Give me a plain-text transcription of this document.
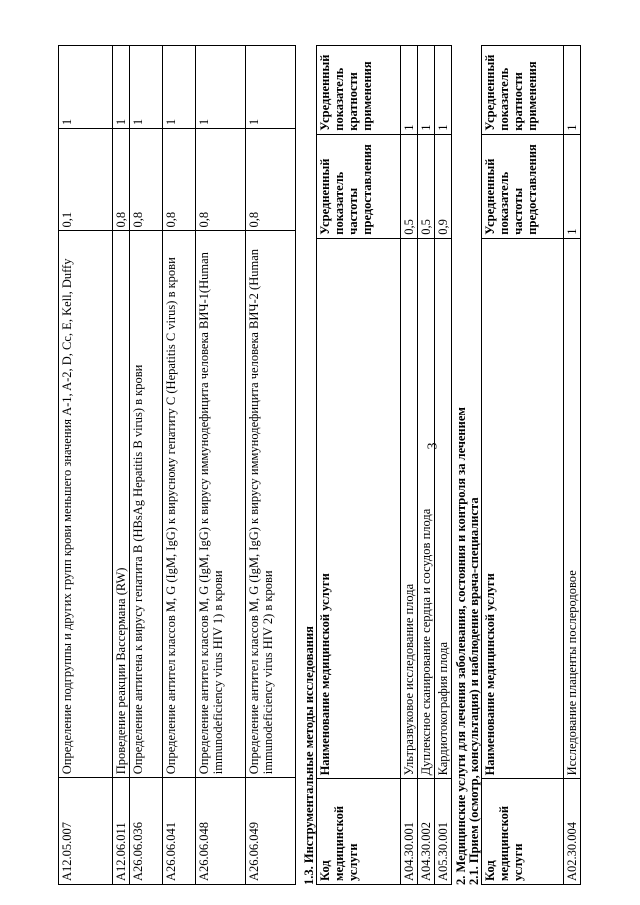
3
A12.05.007	Определение подгруппы и других групп крови меньшего значения A-1, A-2, D, Cc, E, Kell, Duffy	0,1	1
A12.06.011	Проведение реакции Вассермана (RW)	0,8	1
A26.06.036	Определение антигена к вирусу гепатита B (HBsAg Hepatitis B virus) в крови	0,8	1
A26.06.041	Определение антител классов M, G (IgM, IgG) к вирусному гепатиту C (Hepatitis C virus) в крови	0,8	1
A26.06.048	Определение антител классов M, G (IgM, IgG) к вирусу иммунодефицита человека ВИЧ-1(Human immunodeficiency virus HIV 1) в крови	0,8	1
A26.06.049	Определение антител классов M, G (IgM, IgG) к вирусу иммунодефицита человека ВИЧ-2 (Human immunodeficiency virus HIV 2) в крови	0,8	1
1.3. Инструментальные методы исследования Код медицинской услуги	Наименование медицинской услуги	Усредненный показатель частоты предоставления	Усредненный показатель кратности применения
A04.30.001	Ультразвуковое исследование плода	0,5	1
A04.30.002	Дуплексное сканирование сердца и сосудов плода	0,5	1
A05.30.001	Кардиотокография плода	0,9	1
2. Медицинские услуги для лечения заболевания, состояния и контроля за лечением 2.1. Прием (осмотр, консультация) и наблюдение врача-специалиста Код медицинской услуги	Наименование медицинской услуги	Усредненный показатель частоты предоставления	Усредненный показатель кратности применения
A02.30.004	Исследование плаценты послеродовое	1	1
